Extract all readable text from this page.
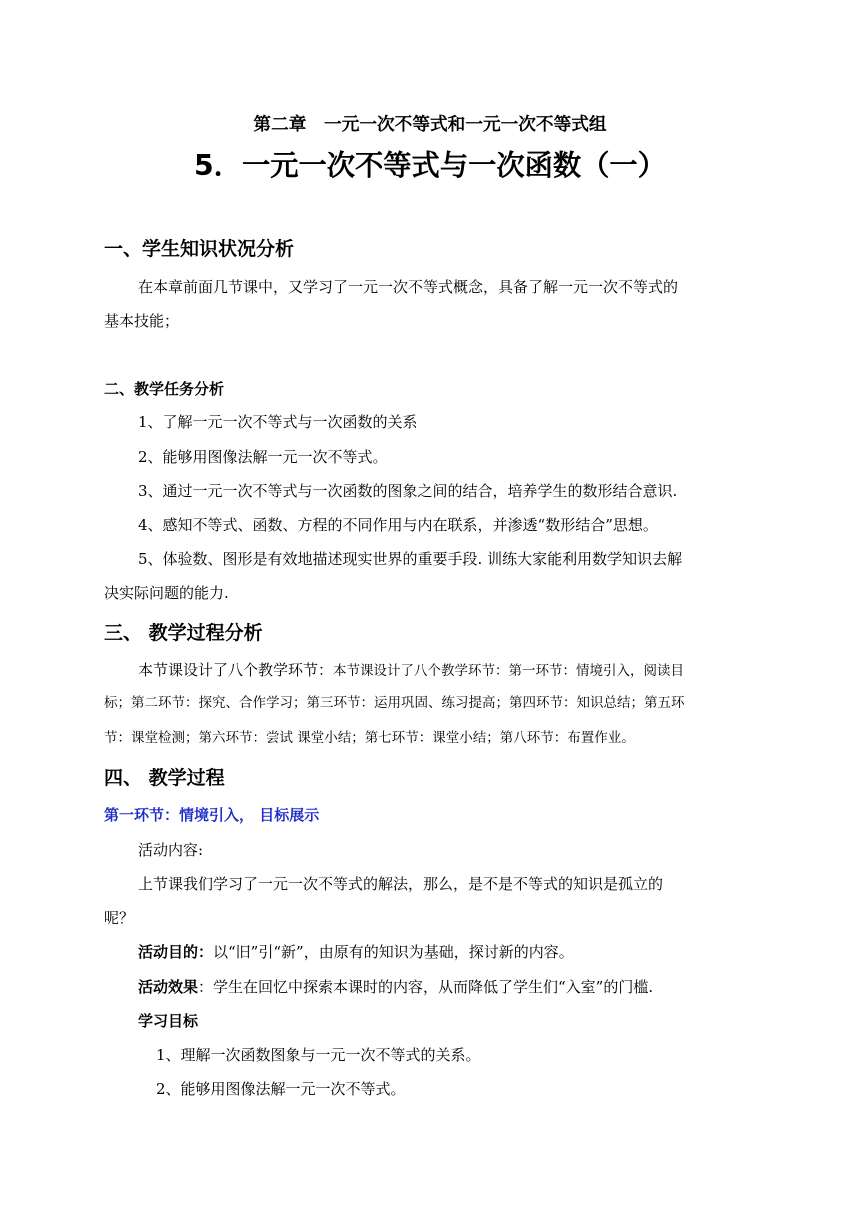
第二章　一元一次不等式和一元一次不等式组
5．一元一次不等式与一次函数（一）
一、学生知识状况分析
在本章前面几节课中，又学习了一元一次不等式概念，具备了解一元一次不等式的
基本技能；
二、教学任务分析
1、了解一元一次不等式与一次函数的关系
2、能够用图像法解一元一次不等式。
3、通过一元一次不等式与一次函数的图象之间的结合，培养学生的数形结合意识.
4、感知不等式、函数、方程的不同作用与内在联系，并渗透“数形结合”思想。
5、体验数、图形是有效地描述现实世界的重要手段. 训练大家能利用数学知识去解
决实际问题的能力.
三、 教学过程分析
本节课设计了八个教学环节：本节课设计了八个教学环节：第一环节：情境引入，阅读目
标；第二环节：探究、合作学习；第三环节：运用巩固、练习提高；第四环节：知识总结；第五环
节：课堂检测；第六环节：尝试 课堂小结；第七环节：课堂小结；第八环节：布置作业。
四、 教学过程
第一环节：情境引入， 目标展示
活动内容:
上节课我们学习了一元一次不等式的解法，那么，是不是不等式的知识是孤立的
呢？
活动目的：以“旧”引“新”，由原有的知识为基础，探讨新的内容。
活动效果：学生在回忆中探索本课时的内容，从而降低了学生们“入室”的门槛.
学习目标
1、理解一次函数图象与一元一次不等式的关系。
2、能够用图像法解一元一次不等式。
